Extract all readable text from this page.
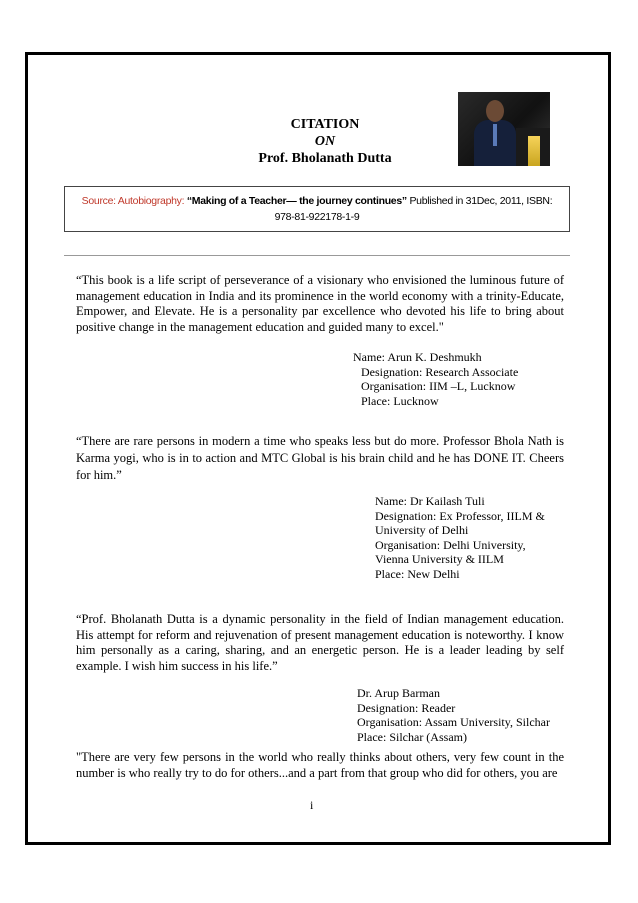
CITATION
ON
Prof. Bholanath Dutta
Source: Autobiography: “Making of a Teacher— the journey continues” Published in 31Dec, 2011, ISBN:
978-81-922178-1-9

“This book is a life script of perseverance of a visionary who envisioned the luminous future of management education in India and its prominence in the world economy with a trinity-Educate, Empower, and Elevate. He is a personality par excellence who devoted his life to bring about positive change in the management education and guided many to excel."

Name: Arun K. Deshmukh
Designation: Research Associate
Organisation: IIM –L, Lucknow
Place: Lucknow

“There are rare persons in modern a time who speaks less but do more. Professor Bhola Nath is Karma yogi, who is in to action and MTC Global is his brain child and he has DONE IT. Cheers for him.”

Name: Dr Kailash Tuli
Designation: Ex Professor, IILM &
University of Delhi
Organisation: Delhi University,
Vienna University & IILM
Place: New Delhi

“Prof. Bholanath Dutta is a dynamic personality in the field of Indian management education. His attempt for reform and rejuvenation of present management education is noteworthy. I know him personally as a caring, sharing, and an energetic person. He is a leader leading by self example. I wish him success in his life.”

Dr. Arup Barman
Designation: Reader
Organisation: Assam University, Silchar
Place: Silchar (Assam)

"There are very few persons in the world who really thinks about others, very few count in the number is who really try to do for others...and a part from that group who did for others, you are

i
